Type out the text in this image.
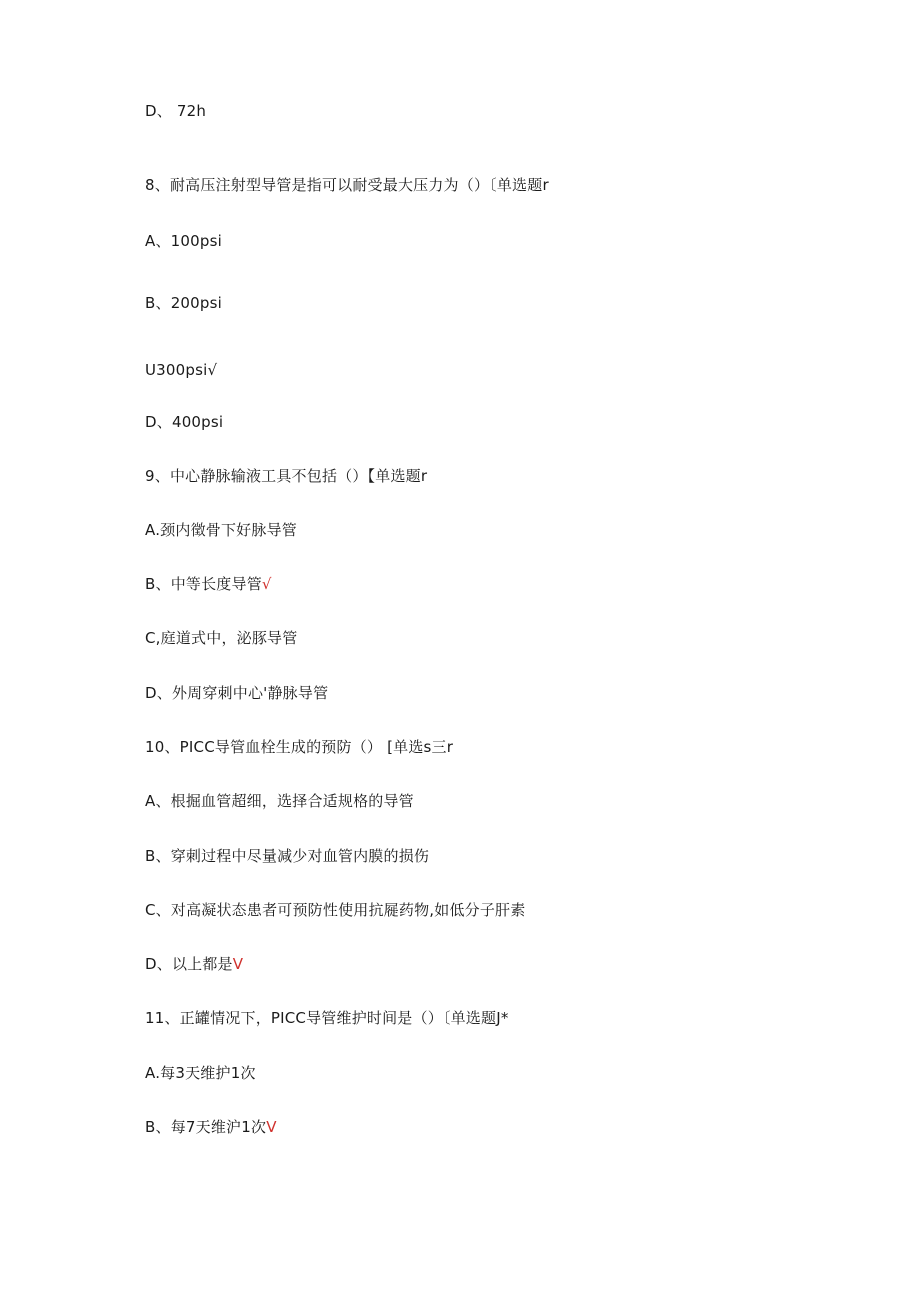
D、 72h
8、耐高压注射型导管是指可以耐受最大压力为（）〔单选题r
A、100psi
B、200psi
U300psi√
D、400psi
9、中心静脉输液工具不包括（）【单选题r
A.颈内徵骨下好脉导管
B、中等长度导管√
C,庭道式中，泌豚导管
D、外周穿刺中心'静脉导管
10、PICC导管血栓生成的预防（） [单选s三r
A、根掘血管超细，选择合适规格的导管
B、穿刺过程中尽量减少对血管内膜的损伤
C、对高凝状态患者可预防性使用抗屣药物,如低分子肝素
D、以上都是V
11、正罐情况下，PICC导管维护时间是（）〔单选题J*
A.每3天维护1次
B、每7天维沪1次V
